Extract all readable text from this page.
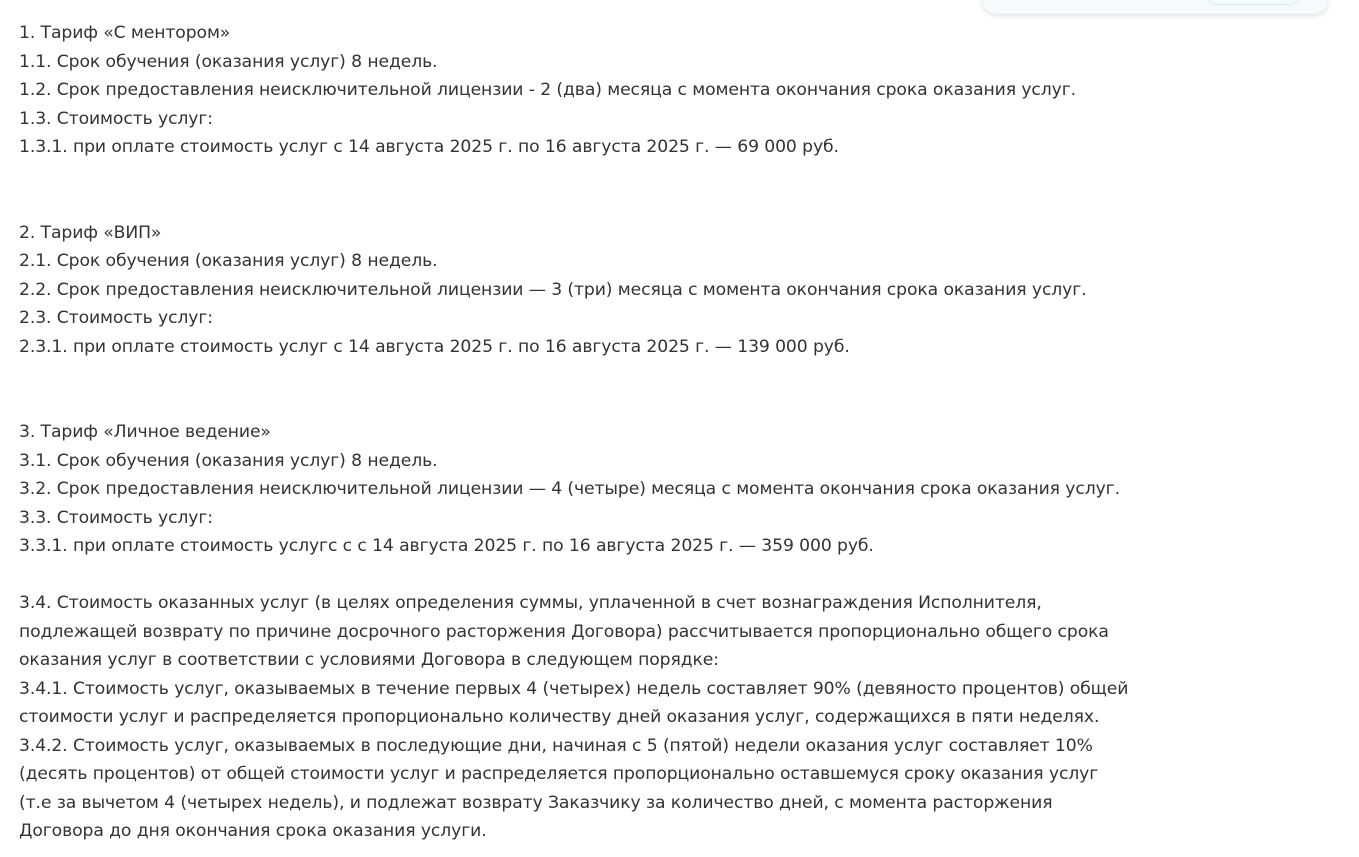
1. Тариф «С ментором»
1.1. Срок обучения (оказания услуг) 8 недель.
1.2. Срок предоставления неисключительной лицензии - 2 (два) месяца с момента окончания срока оказания услуг.
1.3. Стоимость услуг:
1.3.1. при оплате стоимость услуг с 14 августа 2025 г. по 16 августа 2025 г. — 69 000 руб.
2. Тариф «ВИП»
2.1. Срок обучения (оказания услуг) 8 недель.
2.2. Срок предоставления неисключительной лицензии — 3 (три) месяца с момента окончания срока оказания услуг.
2.3. Стоимость услуг:
2.3.1. при оплате стоимость услуг с 14 августа 2025 г. по 16 августа 2025 г. — 139 000 руб.
3. Тариф «Личное ведение»
3.1. Срок обучения (оказания услуг) 8 недель.
3.2. Срок предоставления неисключительной лицензии — 4 (четыре) месяца с момента окончания срока оказания услуг.
3.3. Стоимость услуг:
3.3.1. при оплате стоимость услугс с с 14 августа 2025 г. по 16 августа 2025 г. — 359 000 руб.
3.4. Стоимость оказанных услуг (в целях определения суммы, уплаченной в счет вознаграждения Исполнителя,
подлежащей возврату по причине досрочного расторжения Договора) рассчитывается пропорционально общего срока
оказания услуг в соответствии с условиями Договора в следующем порядке:
3.4.1. Стоимость услуг, оказываемых в течение первых 4 (четырех) недель составляет 90% (девяносто процентов) общей
стоимости услуг и распределяется пропорционально количеству дней оказания услуг, содержащихся в пяти неделях.
3.4.2. Стоимость услуг, оказываемых в последующие дни, начиная с 5 (пятой) недели оказания услуг составляет 10%
(десять процентов) от общей стоимости услуг и распределяется пропорционально оставшемуся сроку оказания услуг
(т.е за вычетом 4 (четырех недель), и подлежат возврату Заказчику за количество дней, с момента расторжения
Договора до дня окончания срока оказания услуги.
